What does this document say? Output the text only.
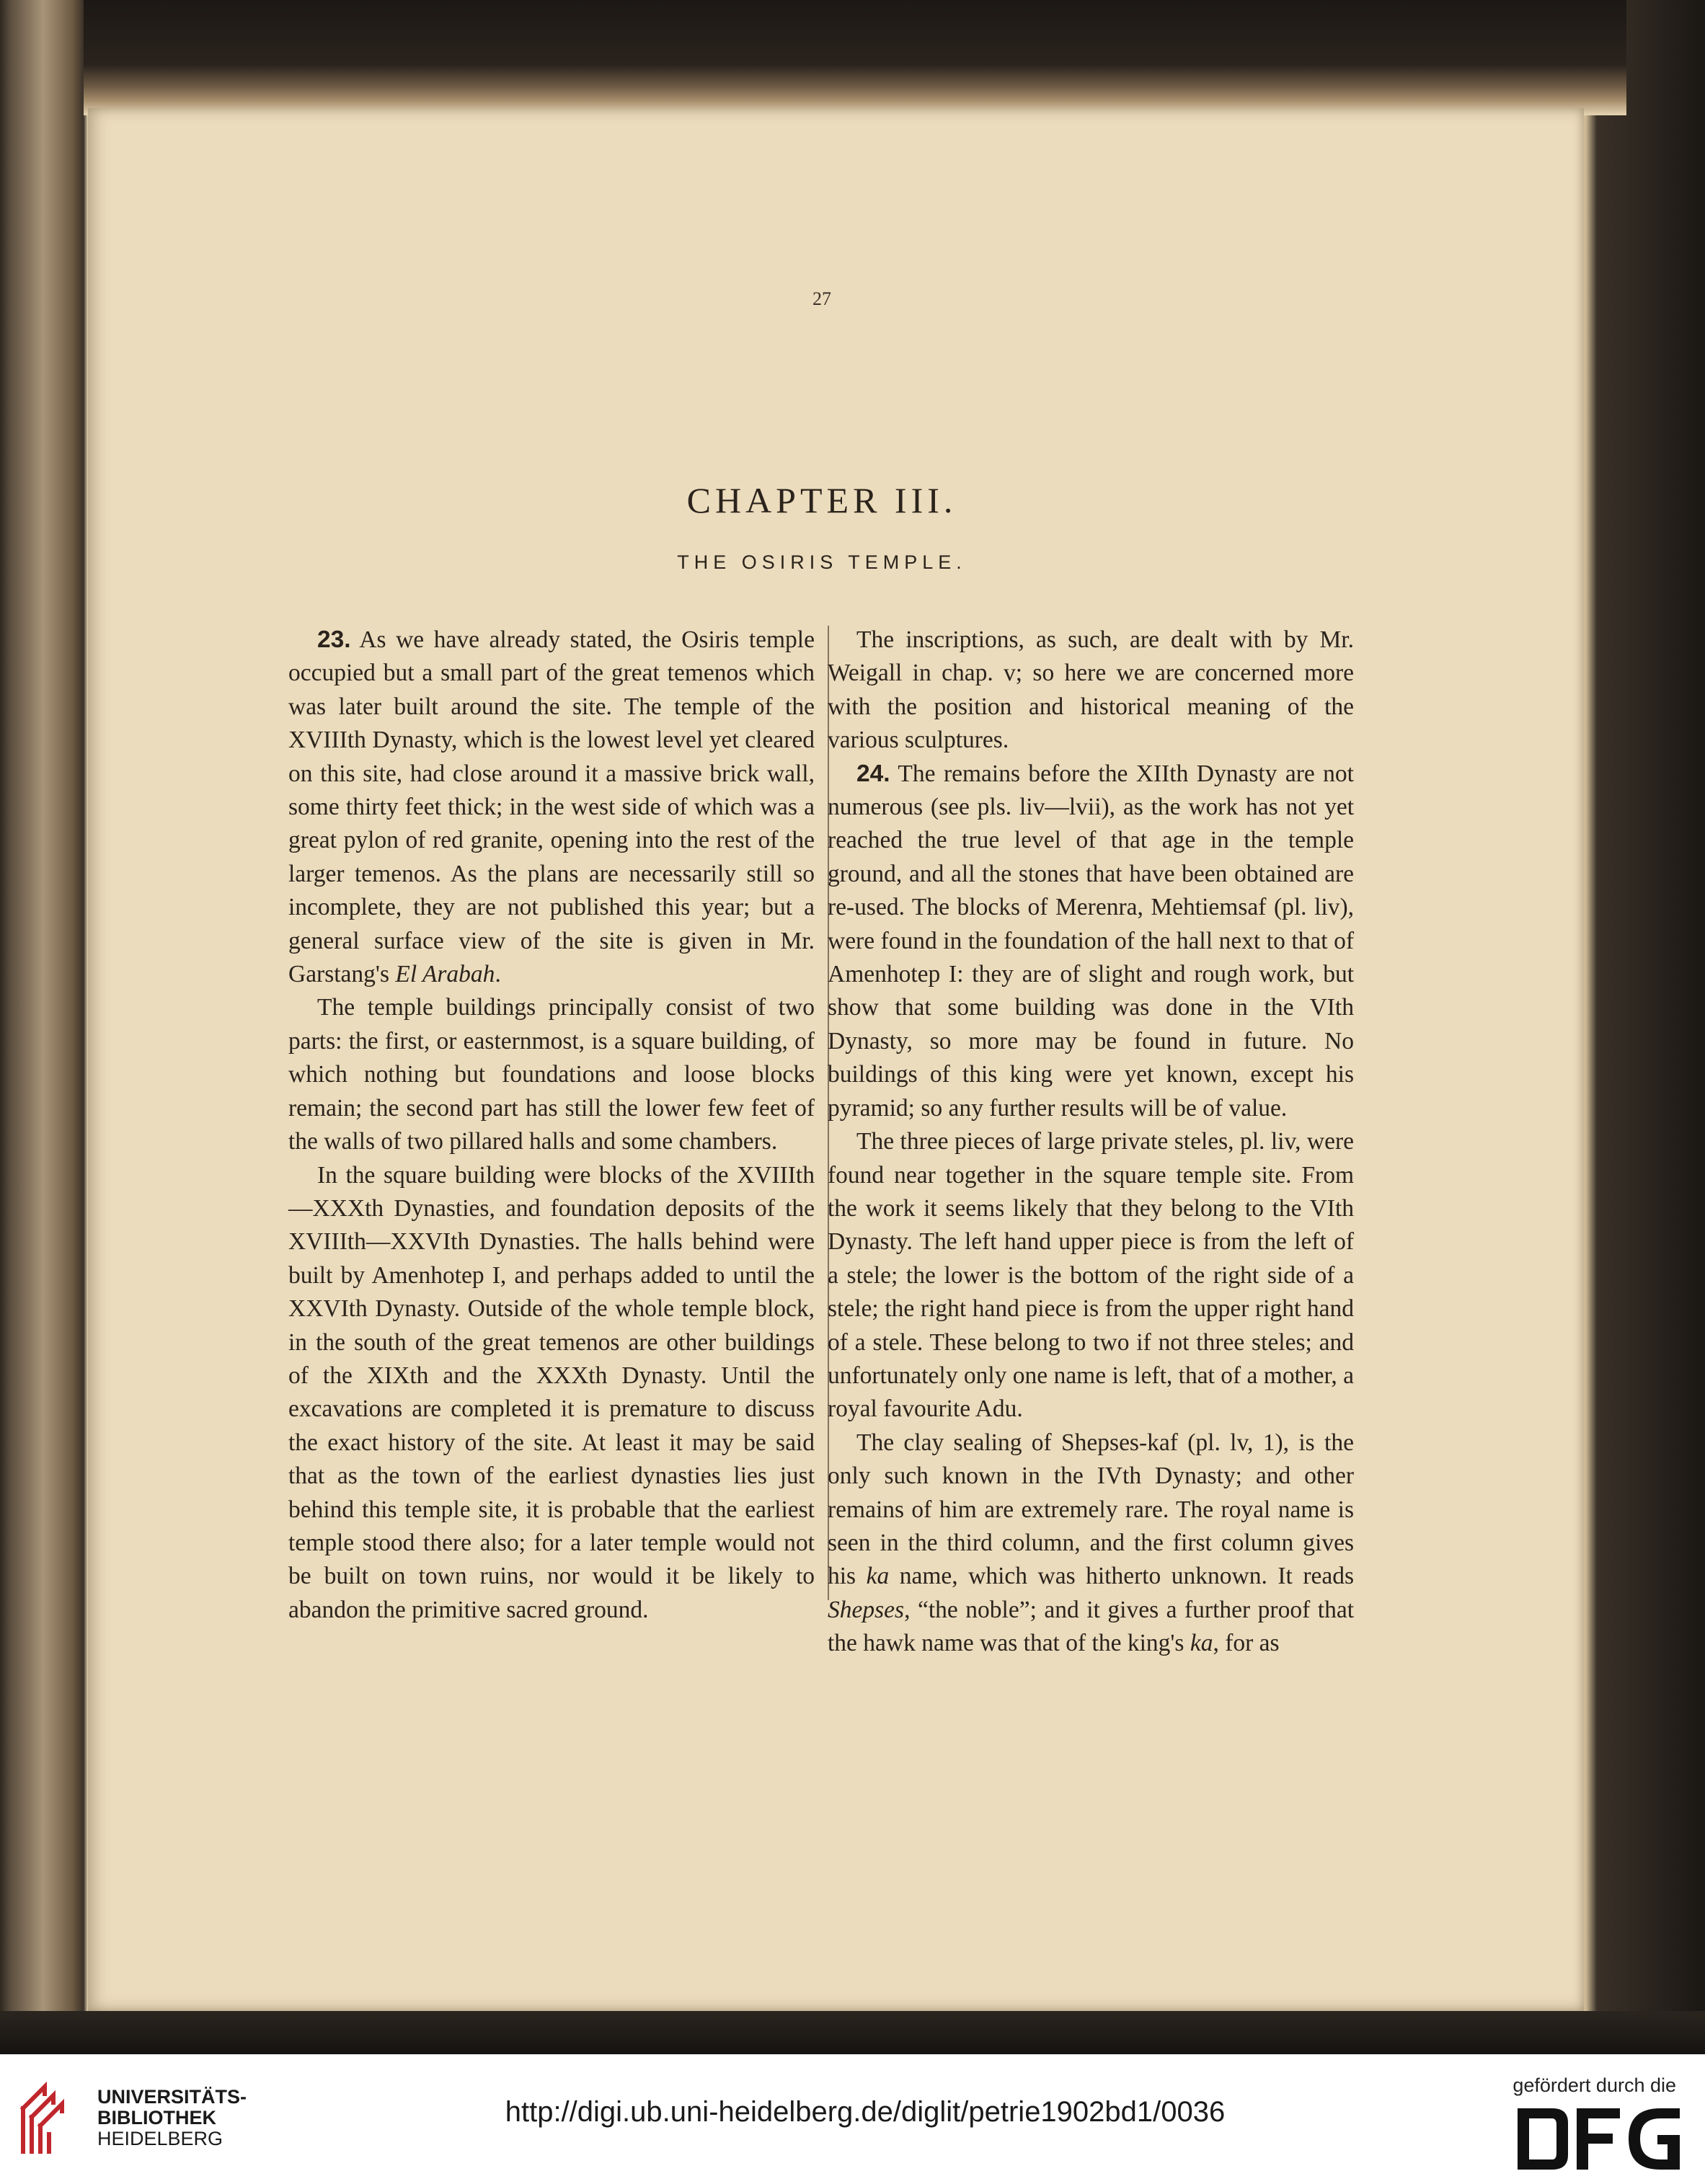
27
CHAPTER III.
THE OSIRIS TEMPLE.

23. As we have already stated, the Osiris temple occupied but a small part of the great temenos which was later built around the site. The temple of the XVIIIth Dynasty, which is the lowest level yet cleared on this site, had close around it a massive brick wall, some thirty feet thick; in the west side of which was a great pylon of red granite, opening into the rest of the larger temenos. As the plans are necessarily still so incomplete, they are not published this year; but a general surface view of the site is given in Mr. Garstang's El Arabah.

The temple buildings principally consist of two parts: the first, or easternmost, is a square building, of which nothing but foundations and loose blocks remain; the second part has still the lower few feet of the walls of two pillared halls and some chambers.

In the square building were blocks of the XVIIIth—XXXth Dynasties, and foundation deposits of the XVIIIth—XXVIth Dynasties. The halls behind were built by Amenhotep I, and perhaps added to until the XXVIth Dynasty. Outside of the whole temple block, in the south of the great temenos are other buildings of the XIXth and the XXXth Dynasty. Until the excavations are completed it is premature to discuss the exact history of the site. At least it may be said that as the town of the earliest dynasties lies just behind this temple site, it is probable that the earliest temple stood there also; for a later temple would not be built on town ruins, nor would it be likely to abandon the primitive sacred ground.

The inscriptions, as such, are dealt with by Mr. Weigall in chap. v; so here we are concerned more with the position and historical meaning of the various sculptures.

24. The remains before the XIIth Dynasty are not numerous (see pls. liv—lvii), as the work has not yet reached the true level of that age in the temple ground, and all the stones that have been obtained are re-used. The blocks of Merenra, Mehtiemsaf (pl. liv), were found in the foundation of the hall next to that of Amenhotep I: they are of slight and rough work, but show that some building was done in the VIth Dynasty, so more may be found in future. No buildings of this king were yet known, except his pyramid; so any further results will be of value.

The three pieces of large private steles, pl. liv, were found near together in the square temple site. From the work it seems likely that they belong to the VIth Dynasty. The left hand upper piece is from the left of a stele; the lower is the bottom of the right side of a stele; the right hand piece is from the upper right hand of a stele. These belong to two if not three steles; and unfortunately only one name is left, that of a mother, a royal favourite Adu.

The clay sealing of Shepses-kaf (pl. lv, 1), is the only such known in the IVth Dynasty; and other remains of him are extremely rare. The royal name is seen in the third column, and the first column gives his ka name, which was hitherto unknown. It reads Shepses, “the noble”; and it gives a further proof that the hawk name was that of the king's ka, for as

UNIVERSITÄTS-
BIBLIOTHEK
HEIDELBERG
http://digi.ub.uni-heidelberg.de/diglit/petrie1902bd1/0036
gefördert durch die
